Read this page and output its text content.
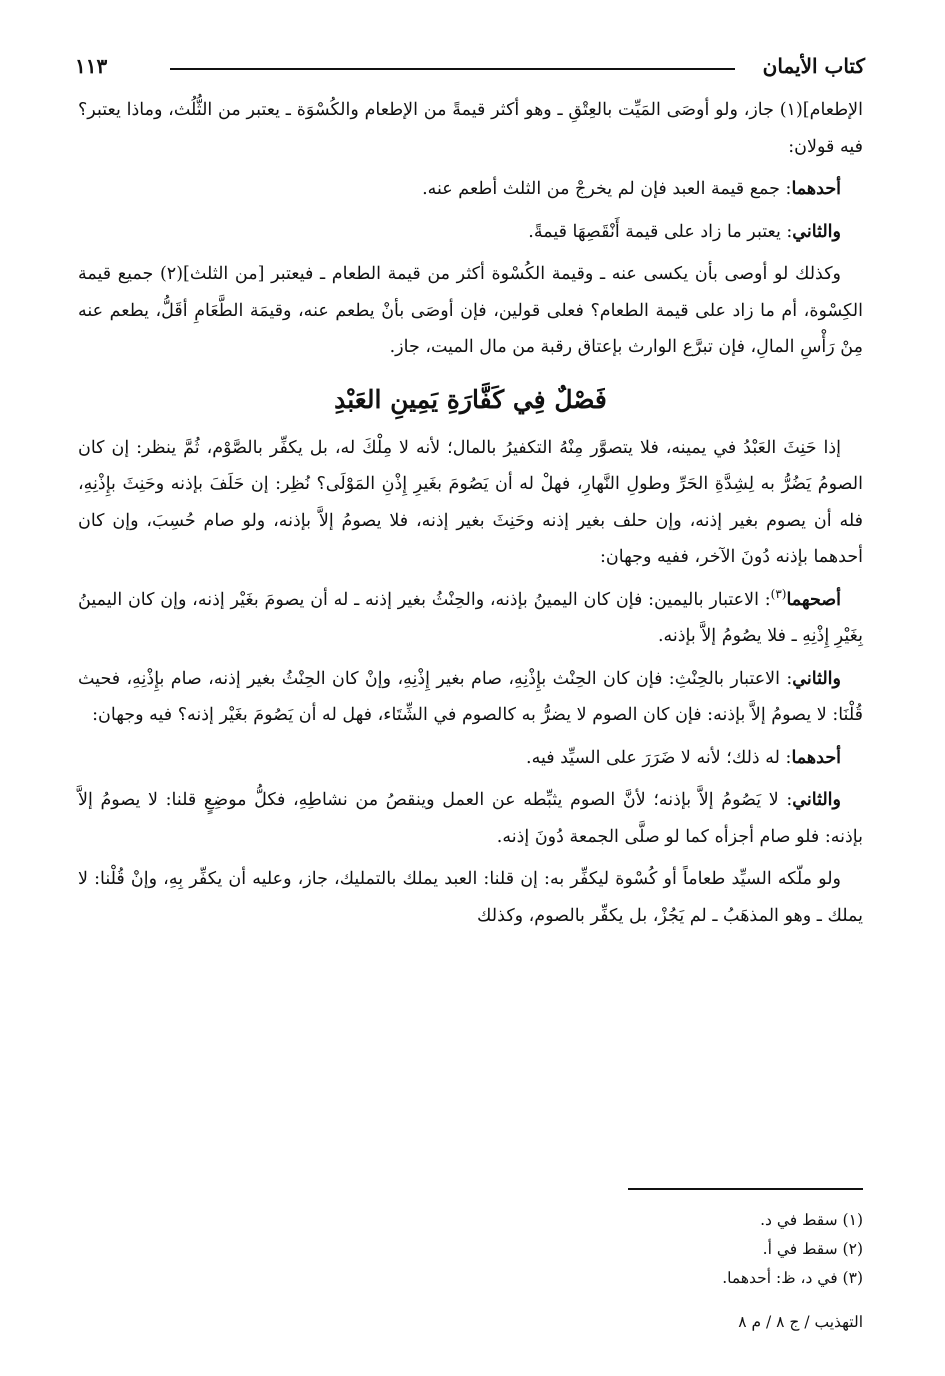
كتاب الأيمان
١١٣

الإطعام](١) جاز، ولو أوصَى المَيِّت بالعِتْقِ ـ وهو أكثر قيمةً من الإطعام والكُسْوَة ـ يعتبر من الثُّلُث، وماذا يعتبر؟ فيه قولان:

أحدهما: جمع قيمة العبد فإن لم يخرجْ من الثلث أطعم عنه.

والثاني: يعتبر ما زاد على قيمة أَنْقَصِهَا قيمةً.

وكذلك لو أوصى بأن يكسى عنه ـ وقيمة الكُسْوة أكثر من قيمة الطعام ـ فيعتبر [من الثلث](٢) جميع قيمة الكِسْوة، أم ما زاد على قيمة الطعام؟ فعلى قولين، فإن أوصَى بأنْ يطعم عنه، وقيمَة الطَّعَامِ أقَلُّ، يطعم عنه مِنْ رَأْسِ المالِ، فإن تبرَّع الوارث بإعتاق رقبة من مال الميت، جاز.

فَصْلٌ فِي كَفَّارَةِ يَمِينِ العَبْدِ

إذا حَنِثَ العَبْدُ في يمينه، فلا يتصوَّر مِنْهُ التكفيرُ بالمال؛ لأنه لا مِلْكَ له، بل يكفِّر بالصَّوْم، ثُمَّ ينظر: إن كان الصومُ يَضُرُّ به لِشِدَّةِ الحَرِّ وطولِ النَّهارِ، فهلْ له أن يَصُومَ بغَيرِ إِذْنِ المَوْلَى؟ نُظِر: إن حَلَفَ بإذنه وحَنِثَ بإِذْنِهِ، فله أن يصوم بغير إذنه، وإن حلف بغير إذنه وحَنِثَ بغير إذنه، فلا يصومُ إلاَّ بإذنه، ولو صام حُسِبَ، وإن كان أحدهما بإذنه دُونَ الآخر، ففيه وجهان:

أصحهما$^{(٣)}$: الاعتبار باليمين: فإن كان اليمينُ بإذنه، والحِنْثُ بغير إذنه ـ له أن يصومَ بغَيْر إذنه، وإن كان اليمينُ بِغَيْرِ إِذْنِهِ ـ فلا يصُومُ إلاَّ بإذنه.

والثاني: الاعتبار بالحِنْثِ: فإن كان الحِنْث بإِذْنِهِ، صام بغير إِذْنِهِ، وإنْ كان الحِنْثُ بغير إذنه، صام بإِذْنِهِ، فحيث قُلْنَا: لا يصومُ إلاَّ بإذنه: فإن كان الصوم لا يضرُّ به كالصوم في الشِّتَاء، فهل له أن يَصُومَ بغَيْر إذنه؟ فيه وجهان:

أحدهما: له ذلك؛ لأنه لا ضَرَرَ على السيِّد فيه.

والثاني: لا يَصُومُ إلاَّ بإذنه؛ لأنَّ الصوم يثبِّطه عن العمل وينقصُ من نشاطِهِ، فكلُّ موضِعٍ قلنا: لا يصومُ إلاَّ بإذنه: فلو صام أجزأه كما لو صلَّى الجمعة دُونَ إذنه.

ولو ملّكه السيِّد طعاماً أو كُسْوة ليكفِّر به: إن قلنا: العبد يملك بالتمليك، جاز، وعليه أن يكفِّر بِهِ، وإنْ قُلْنا: لا يملك ـ وهو المذهَبُ ـ لم يَجُزْ، بل يكفِّر بالصوم، وكذلك

(١) سقط في د.
(٢) سقط في أ.
(٣) في د، ظ: أحدهما.
التهذيب / ج ٨ / م ٨
